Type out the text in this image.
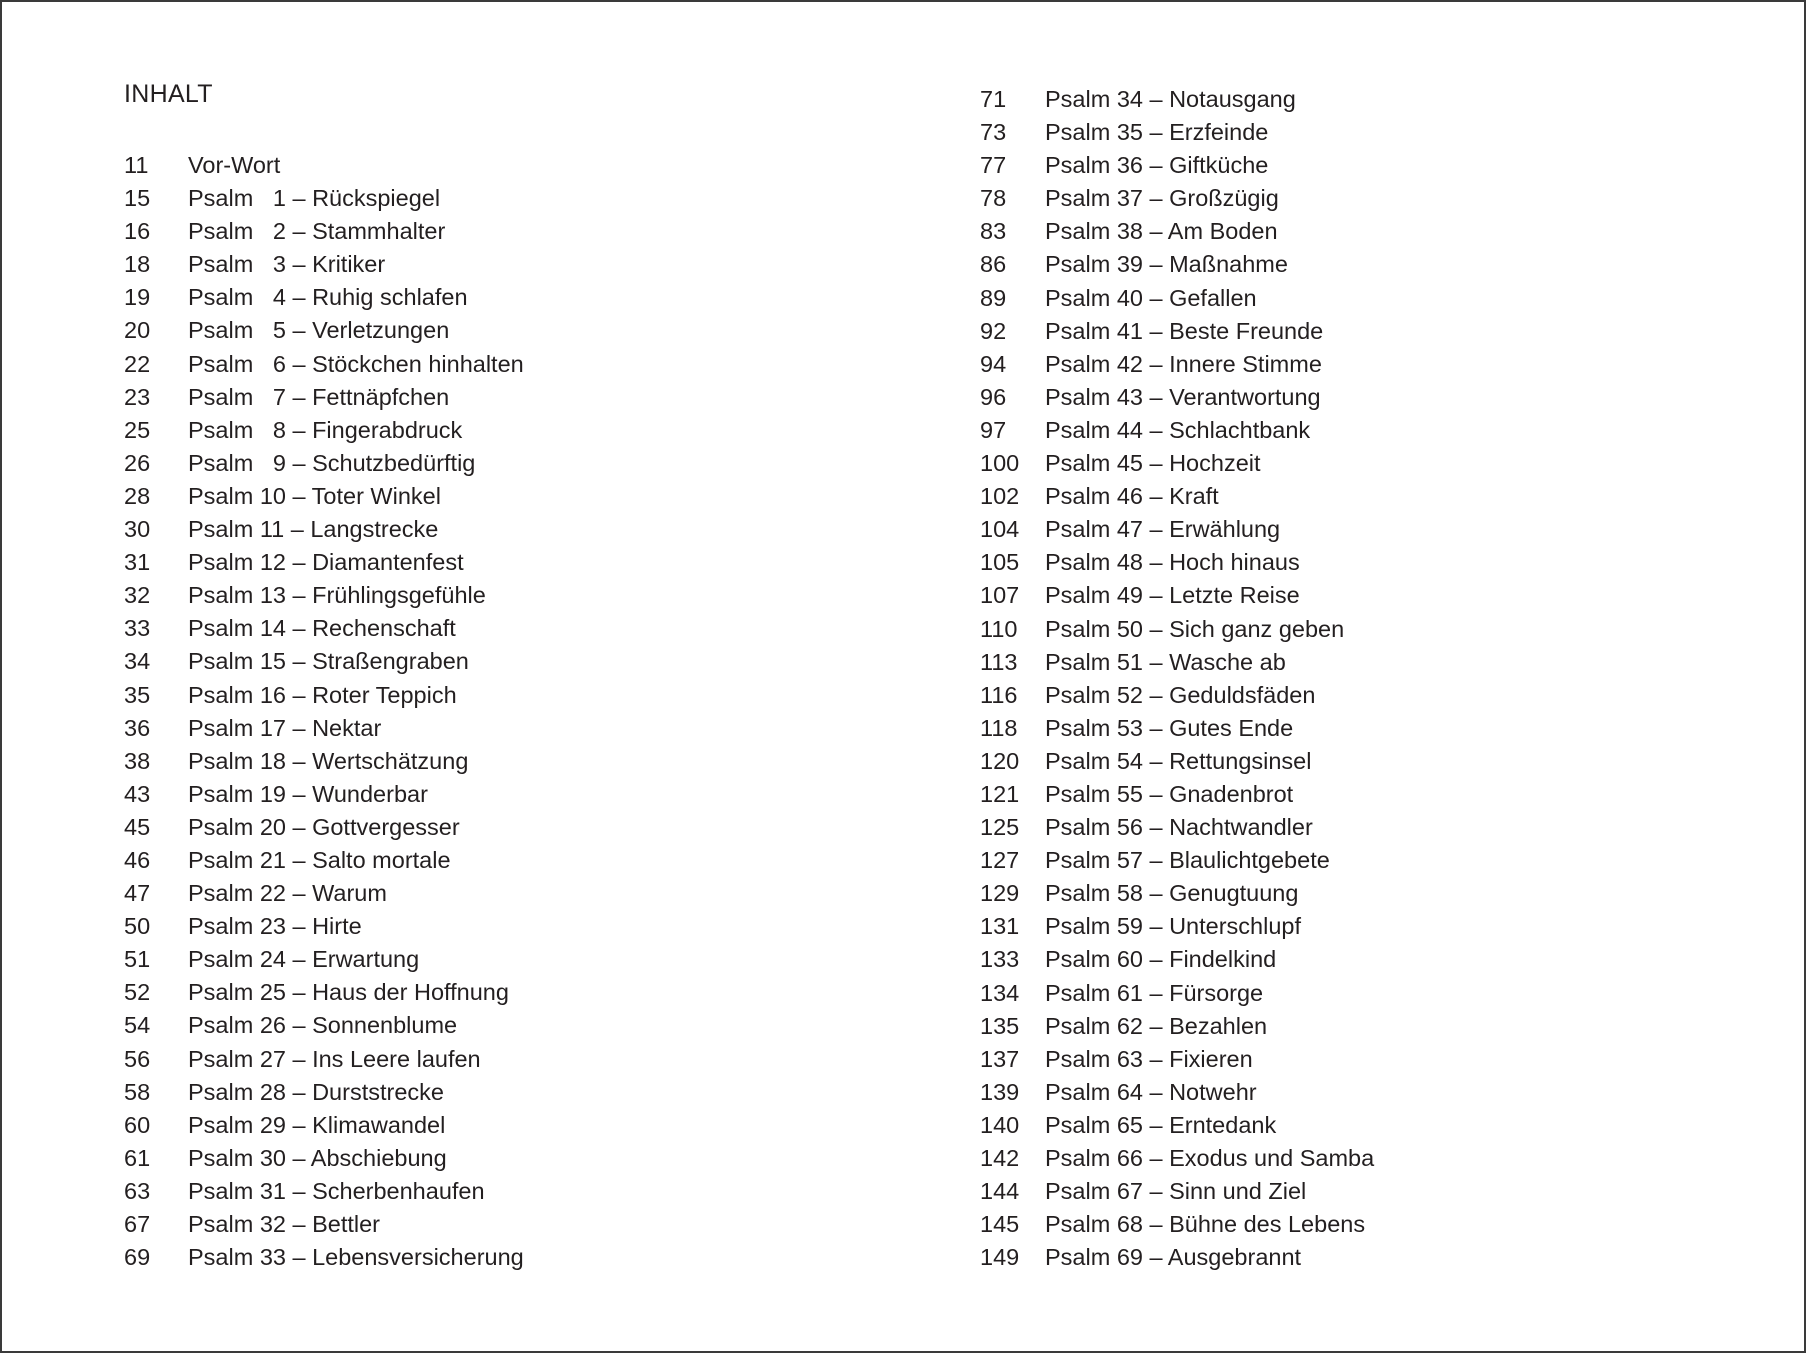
INHALT
11	Vor-Wort
15	Psalm   1 – Rückspiegel
16	Psalm   2 – Stammhalter
18	Psalm   3 – Kritiker
19	Psalm   4 – Ruhig schlafen
20	Psalm   5 – Verletzungen
22	Psalm   6 – Stöckchen hinhalten
23	Psalm   7 – Fettnäpfchen
25	Psalm   8 – Fingerabdruck
26	Psalm   9 – Schutzbedürftig
28	Psalm 10 – Toter Winkel
30	Psalm 11 – Langstrecke
31	Psalm 12 – Diamantenfest
32	Psalm 13 – Frühlingsgefühle
33	Psalm 14 – Rechenschaft
34	Psalm 15 – Straßengraben
35	Psalm 16 – Roter Teppich
36	Psalm 17 – Nektar
38	Psalm 18 – Wertschätzung
43	Psalm 19 – Wunderbar
45	Psalm 20 – Gottvergesser
46	Psalm 21 – Salto mortale
47	Psalm 22 – Warum
50	Psalm 23 – Hirte
51	Psalm 24 – Erwartung
52	Psalm 25 – Haus der Hoffnung
54	Psalm 26 – Sonnenblume
56	Psalm 27 – Ins Leere laufen
58	Psalm 28 – Durststrecke
60	Psalm 29 – Klimawandel
61	Psalm 30 – Abschiebung
63	Psalm 31 – Scherbenhaufen
67	Psalm 32 – Bettler
69	Psalm 33 – Lebensversicherung
71	Psalm 34 – Notausgang
73	Psalm 35 – Erzfeinde
77	Psalm 36 – Giftküche
78	Psalm 37 – Großzügig
83	Psalm 38 – Am Boden
86	Psalm 39 – Maßnahme
89	Psalm 40 – Gefallen
92	Psalm 41 – Beste Freunde
94	Psalm 42 – Innere Stimme
96	Psalm 43 – Verantwortung
97	Psalm 44 – Schlachtbank
100	Psalm 45 – Hochzeit
102	Psalm 46 – Kraft
104	Psalm 47 – Erwählung
105	Psalm 48 – Hoch hinaus
107	Psalm 49 – Letzte Reise
110	Psalm 50 – Sich ganz geben
113	Psalm 51 – Wasche ab
116	Psalm 52 – Geduldsfäden
118	Psalm 53 – Gutes Ende
120	Psalm 54 – Rettungsinsel
121	Psalm 55 – Gnadenbrot
125	Psalm 56 – Nachtwandler
127	Psalm 57 – Blaulichtgebete
129	Psalm 58 – Genugtuung
131	Psalm 59 – Unterschlupf
133	Psalm 60 – Findelkind
134	Psalm 61 – Fürsorge
135	Psalm 62 – Bezahlen
137	Psalm 63 – Fixieren
139	Psalm 64 – Notwehr
140	Psalm 65 – Erntedank
142	Psalm 66 – Exodus und Samba
144	Psalm 67 – Sinn und Ziel
145	Psalm 68 – Bühne des Lebens
149	Psalm 69 – Ausgebrannt
